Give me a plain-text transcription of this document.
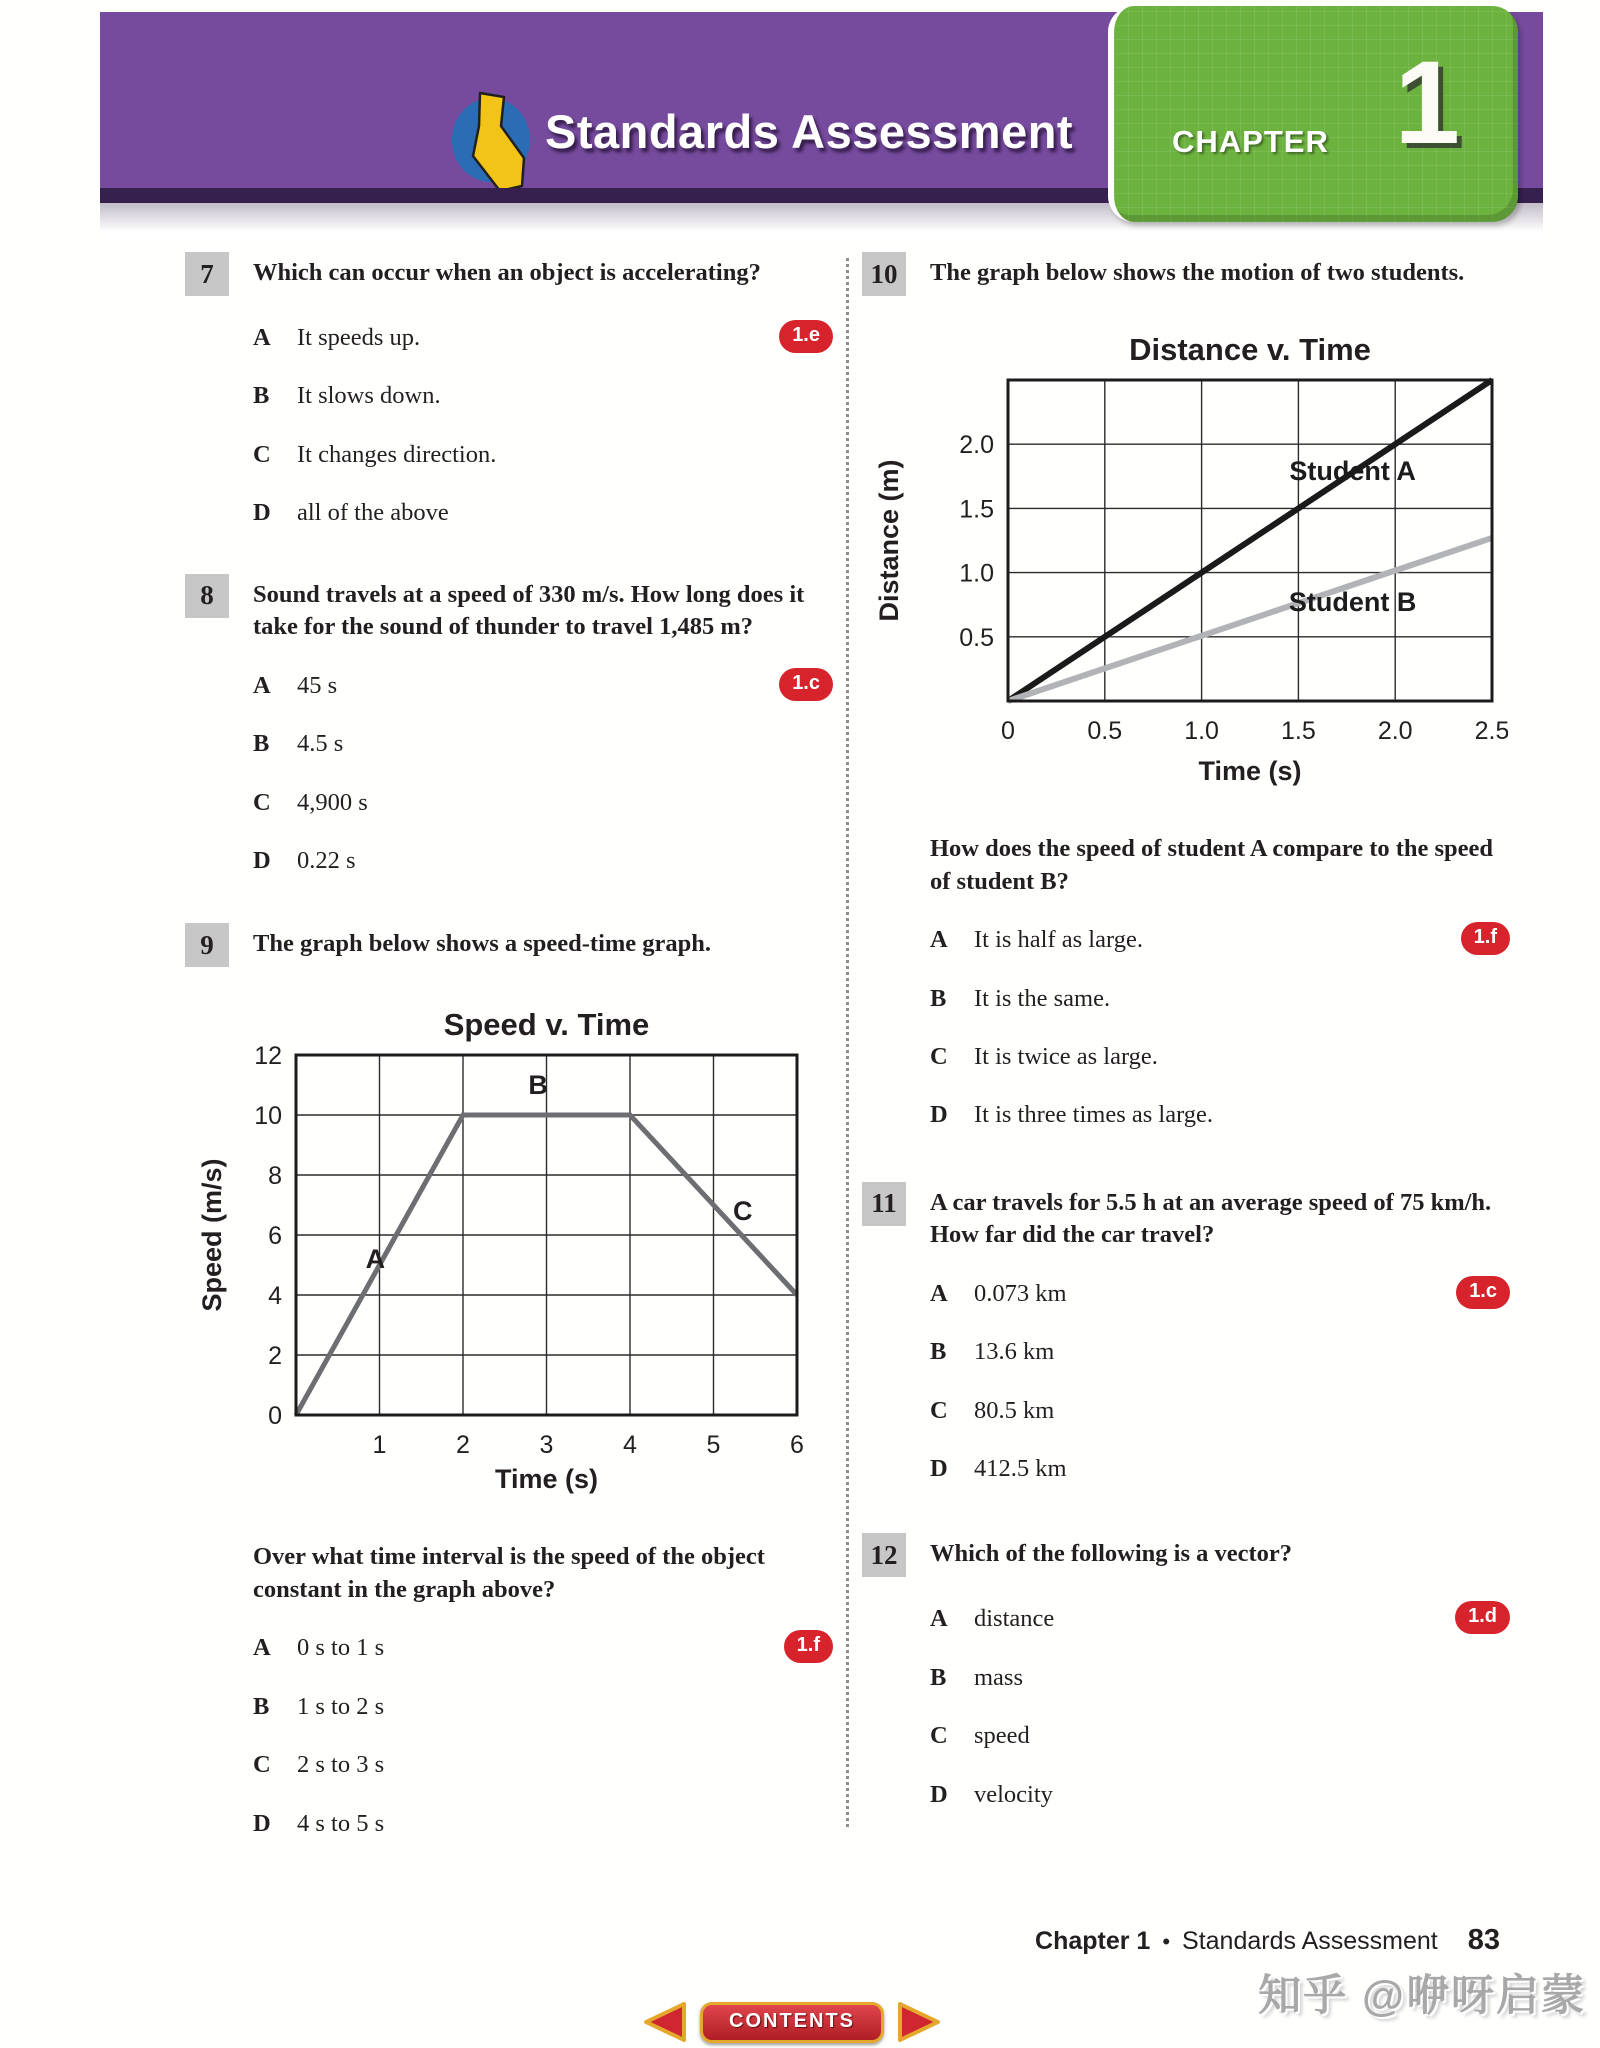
Standards Assessment	CHAPTER 1
7	Which can occur when an object is accelerating?
1.e
A	It speeds up.
B	It slows down.
C	It changes direction.
D	all of the above
8	Sound travels at a speed of 330 m/s. How long does it take for the sound of thunder to travel 1,485 m?
1.c
A	45 s
B	4.5 s
C	4,900 s
D	0.22 s
9	The graph below shows a speed-time graph.
1	2	3	4	5	6
0
2
4
6
8
10
12
A
B
C
Speed v. Time
Time (s)
Speed (m/s)
Over what time interval is the speed of the object constant in the graph above?
1.f
A	0 s to 1 s
B	1 s to 2 s
C	2 s to 3 s
D	4 s to 5 s
10	The graph below shows the motion of two students.
0	0.5 1.0 1.5 2.0 2.5
0.5
1.0
1.5
2.0
Student A
Student B
Distance v. Time
Time (s)
Distance (m)
How does the speed of student A compare to the speed of student B?
1.f
A	It is half as large.
B	It is the same.
C	It is twice as large.
D	It is three times as large.
11	A car travels for 5.5 h at an average speed of 75 km/h. How far did the car travel?
1.c
A	0.073 km
B	13.6 km
C	80.5 km
D	412.5 km
12	Which of the following is a vector?
1.d
A	distance
B	mass
C	speed
D	velocity
Chapter 1 • Standards Assessment 83
知乎 @咿呀启蒙
CONTENTS
